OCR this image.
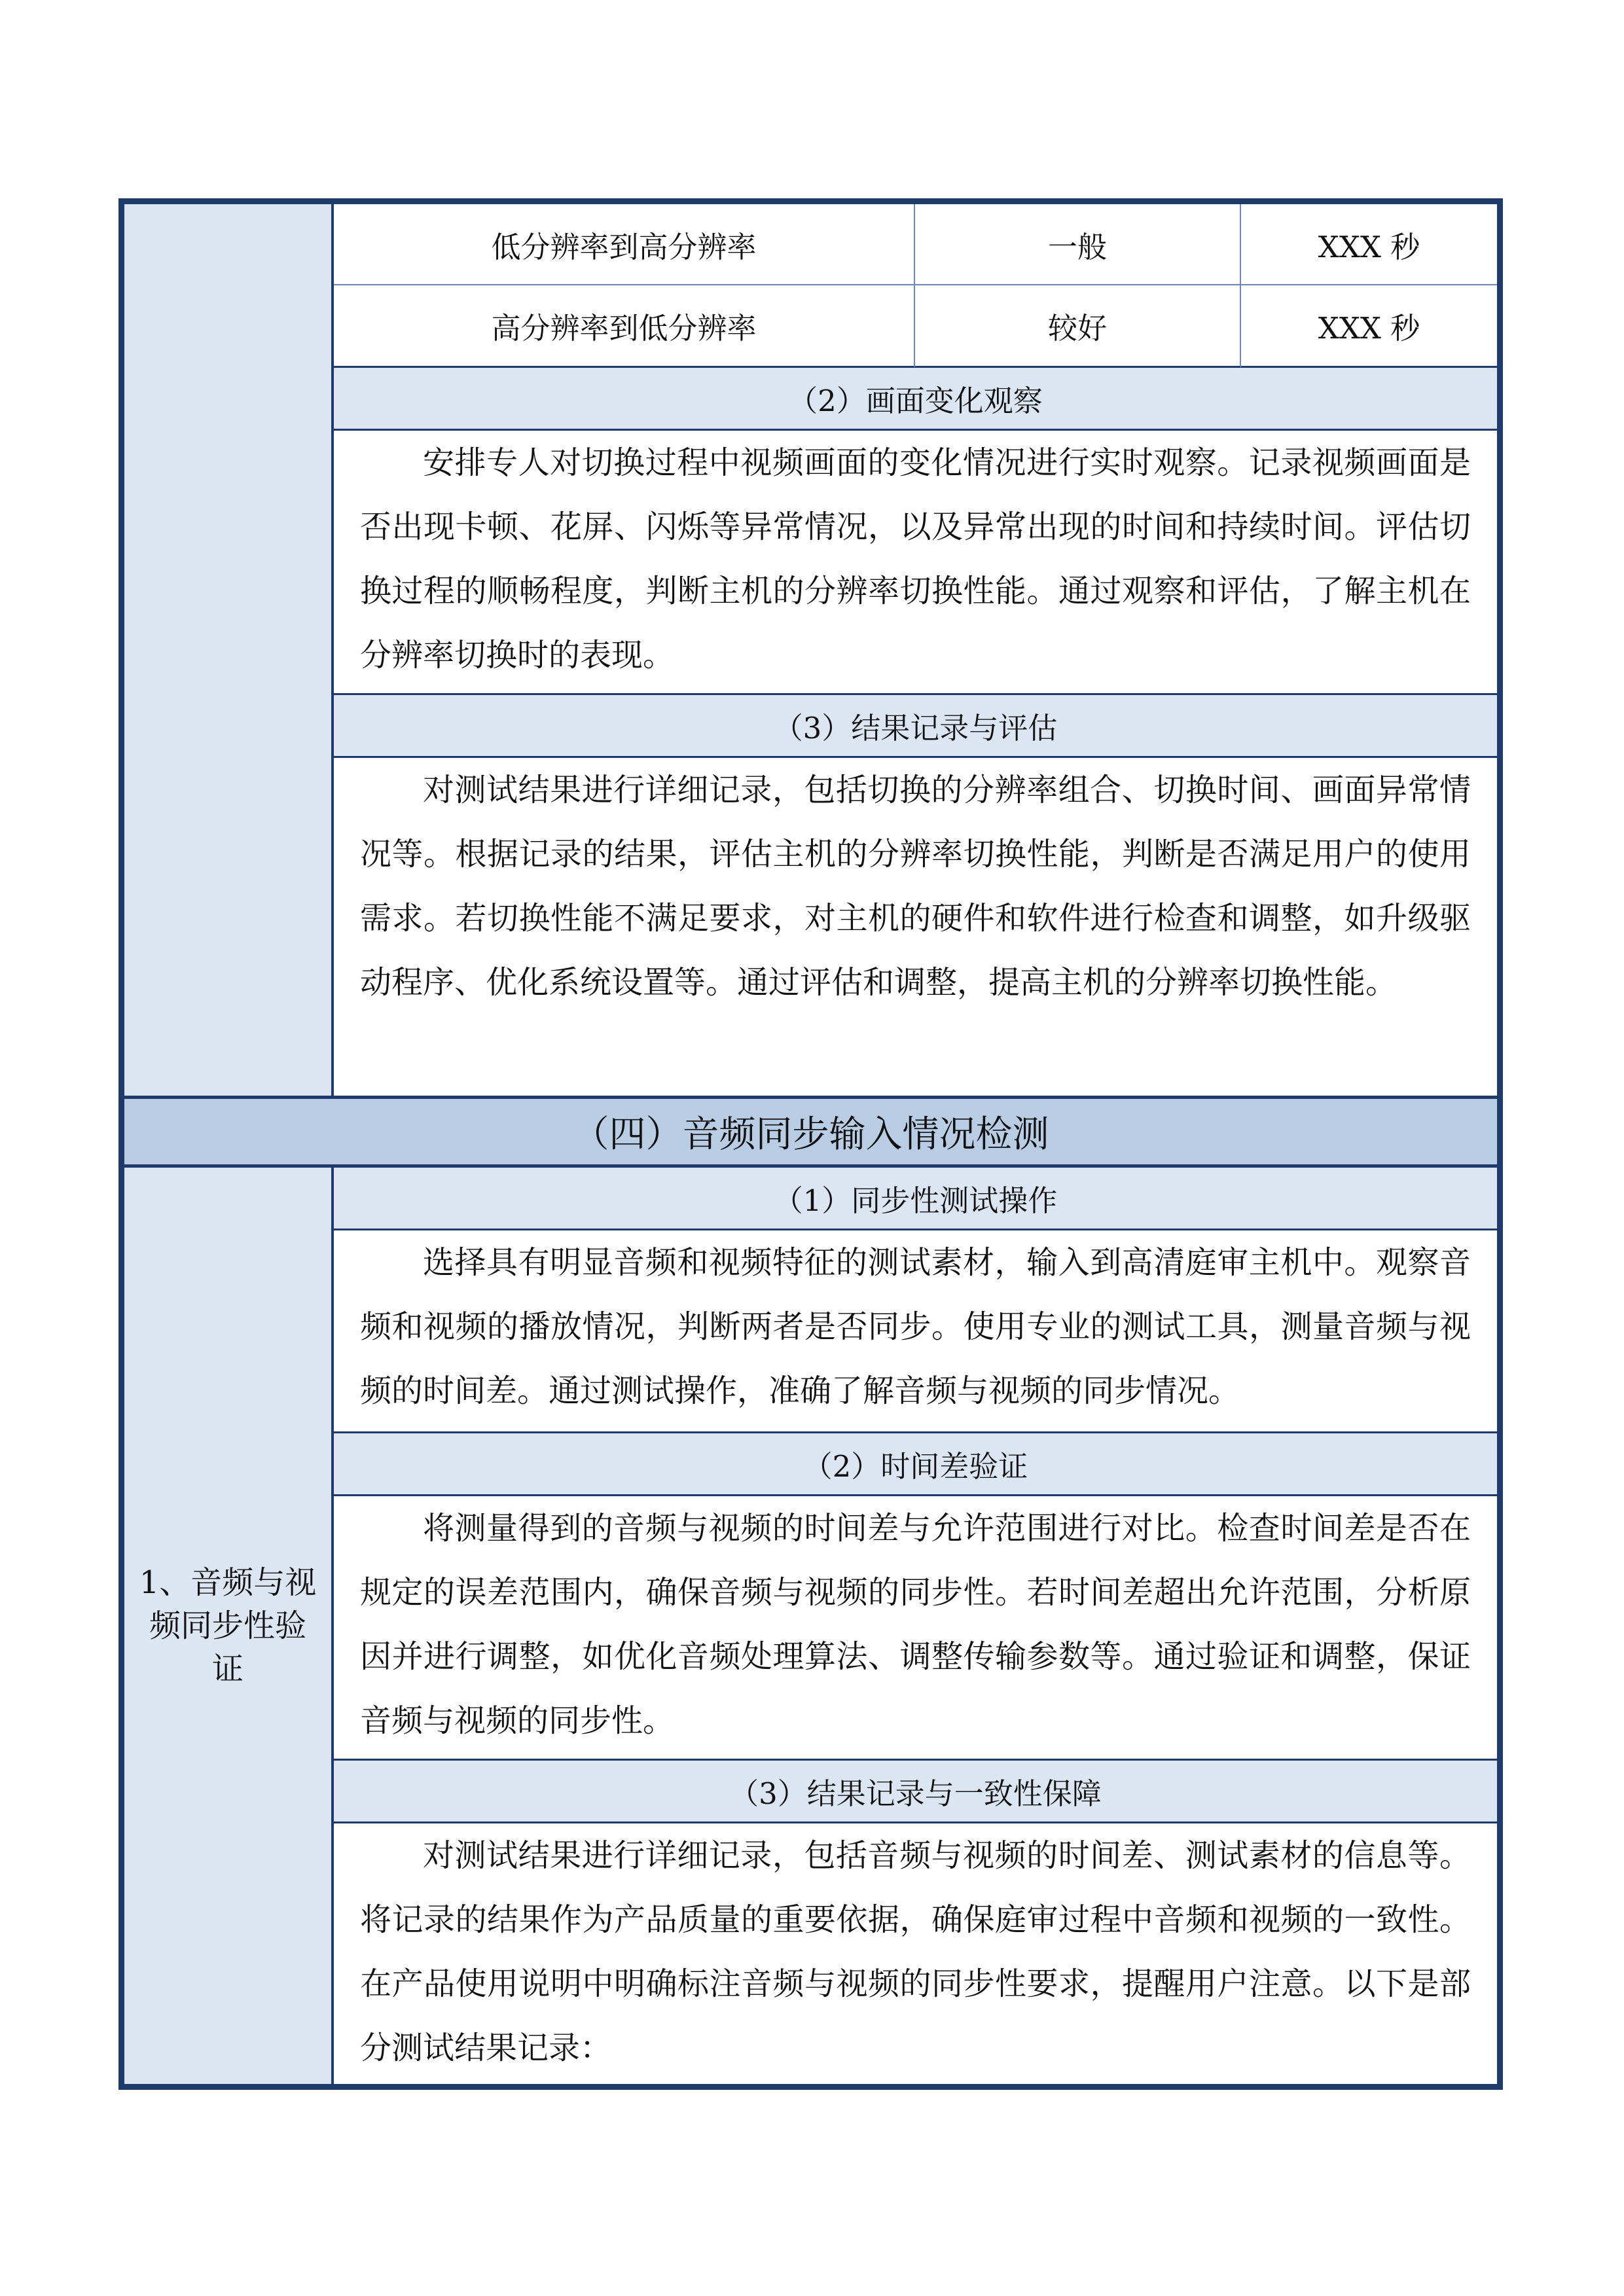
低分辨率到高分辨率	一般	XXX 秒
高分辨率到低分辨率	较好	XXX 秒
（2）画面变化观察
安排专人对切换过程中视频画面的变化情况进行实时观察。记录视频画面是否出现卡顿、花屏、闪烁等异常情况，以及异常出现的时间和持续时间。评估切换过程的顺畅程度，判断主机的分辨率切换性能。通过观察和评估，了解主机在分辨率切换时的表现。
（3）结果记录与评估
对测试结果进行详细记录，包括切换的分辨率组合、切换时间、画面异常情况等。根据记录的结果，评估主机的分辨率切换性能，判断是否满足用户的使用需求。若切换性能不满足要求，对主机的硬件和软件进行检查和调整，如升级驱动程序、优化系统设置等。通过评估和调整，提高主机的分辨率切换性能。
（四）音频同步输入情况检测
1、音频与视频同步性验证
（1）同步性测试操作
选择具有明显音频和视频特征的测试素材，输入到高清庭审主机中。观察音频和视频的播放情况，判断两者是否同步。使用专业的测试工具，测量音频与视频的时间差。通过测试操作，准确了解音频与视频的同步情况。
（2）时间差验证
将测量得到的音频与视频的时间差与允许范围进行对比。检查时间差是否在规定的误差范围内，确保音频与视频的同步性。若时间差超出允许范围，分析原因并进行调整，如优化音频处理算法、调整传输参数等。通过验证和调整，保证音频与视频的同步性。
（3）结果记录与一致性保障
对测试结果进行详细记录，包括音频与视频的时间差、测试素材的信息等。将记录的结果作为产品质量的重要依据，确保庭审过程中音频和视频的一致性。在产品使用说明中明确标注音频与视频的同步性要求，提醒用户注意。以下是部分测试结果记录：
